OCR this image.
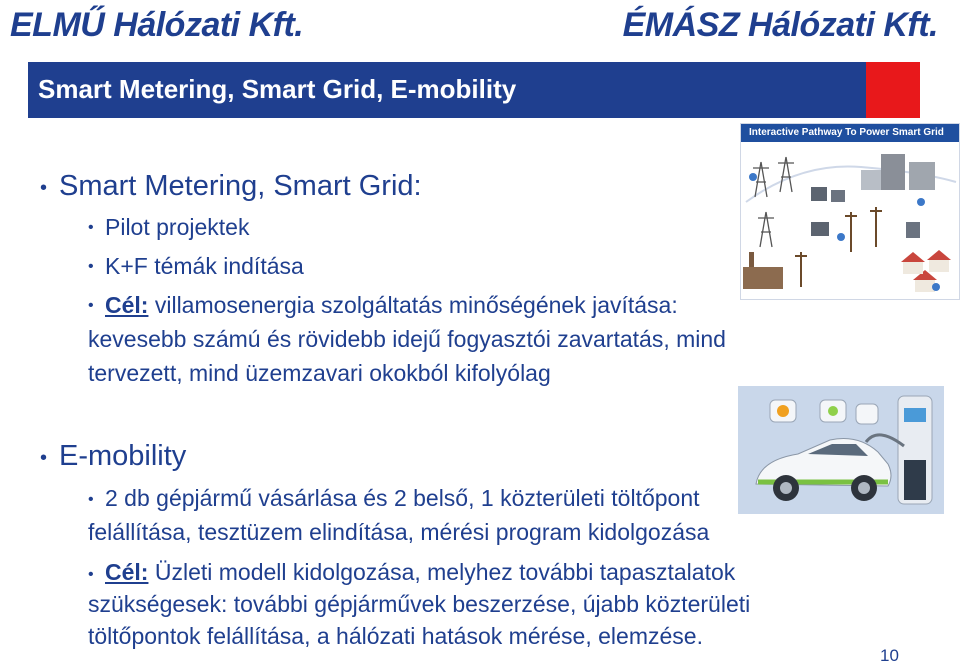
ELMŰ Hálózati Kft.	ÉMÁSZ Hálózati Kft.
Smart Metering, Smart Grid, E-mobility
Interactive Pathway To Power Smart Grid
• Smart Metering, Smart Grid:
• Pilot projektek
• K+F témák indítása
• Cél: villamosenergia szolgáltatás minőségének javítása:
kevesebb számú és rövidebb idejű fogyasztói zavartatás, mind
tervezett, mind üzemzavari okokból kifolyólag
• E-mobility
• 2 db gépjármű vásárlása és 2 belső, 1 közterületi töltőpont
felállítása, tesztüzem elindítása, mérési program kidolgozása
• Cél: Üzleti modell kidolgozása, melyhez további tapasztalatok
szükségesek: további gépjárművek beszerzése, újabb közterületi
töltőpontok felállítása, a hálózati hatások mérése, elemzése.
10
